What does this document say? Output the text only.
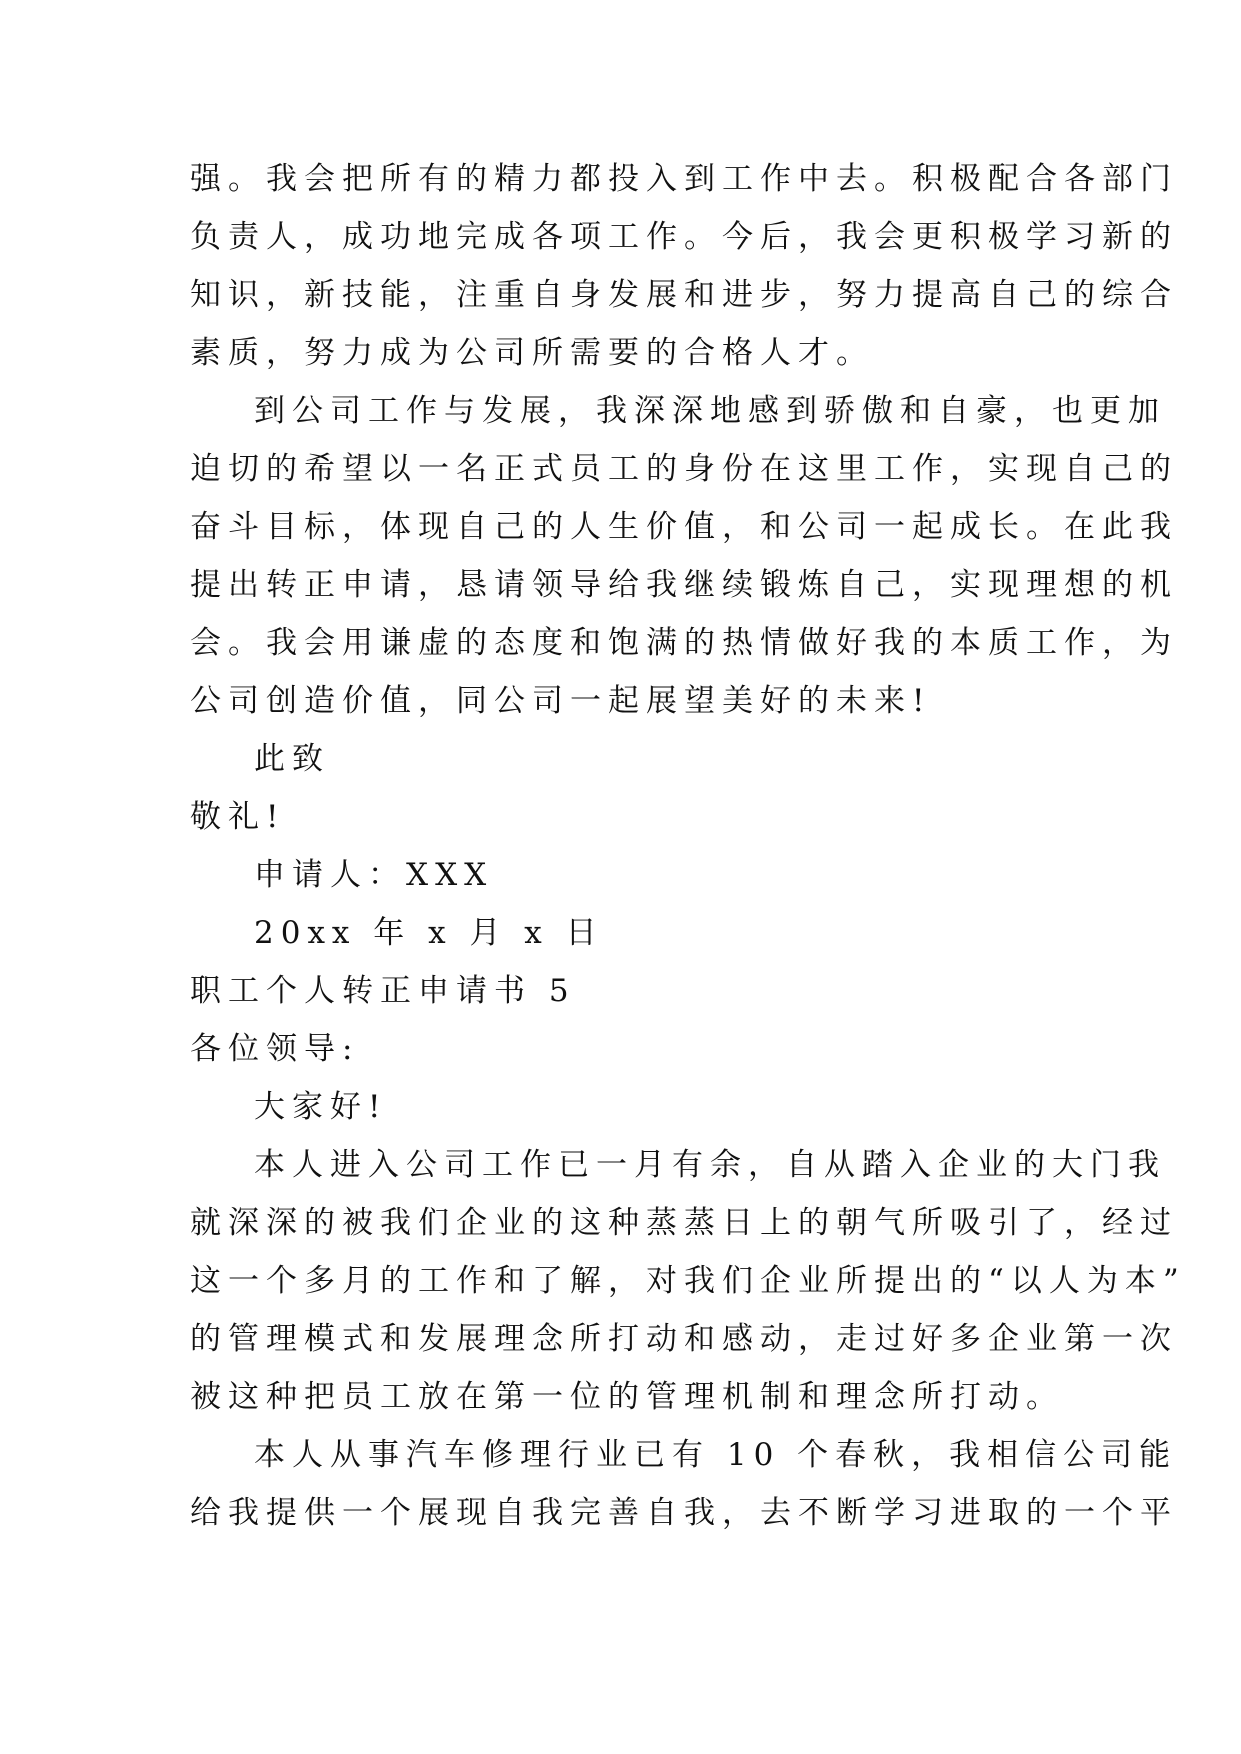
强。我会把所有的精力都投入到工作中去。积极配合各部门
负责人，成功地完成各项工作。今后，我会更积极学习新的
知识，新技能，注重自身发展和进步，努力提高自己的综合
素质，努力成为公司所需要的合格人才。
到公司工作与发展，我深深地感到骄傲和自豪，也更加
迫切的希望以一名正式员工的身份在这里工作，实现自己的
奋斗目标，体现自己的人生价值，和公司一起成长。在此我
提出转正申请，恳请领导给我继续锻炼自己，实现理想的机
会。我会用谦虚的态度和饱满的热情做好我的本质工作，为
公司创造价值，同公司一起展望美好的未来!
此致
敬礼!
申请人：XXX
20xx 年 x 月 x 日
职工个人转正申请书 5
各位领导:
大家好!
本人进入公司工作已一月有余，自从踏入企业的大门我
就深深的被我们企业的这种蒸蒸日上的朝气所吸引了，经过
这一个多月的工作和了解，对我们企业所提出的“以人为本”
的管理模式和发展理念所打动和感动，走过好多企业第一次
被这种把员工放在第一位的管理机制和理念所打动。
本人从事汽车修理行业已有 10 个春秋，我相信公司能
给我提供一个展现自我完善自我，去不断学习进取的一个平
